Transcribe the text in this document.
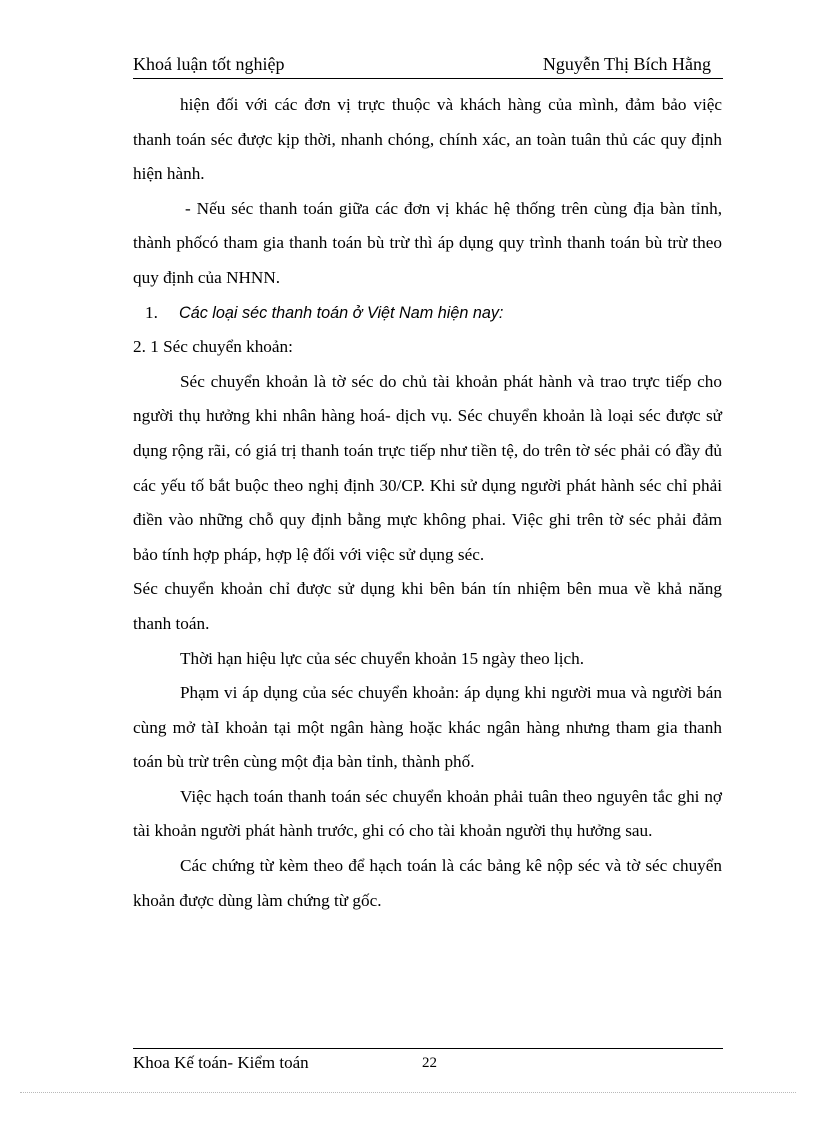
Khoá luận tốt nghiệp	Nguyễn Thị Bích Hằng

hiện đối với các đơn vị trực thuộc và khách hàng của mình, đảm bảo việc thanh toán séc được kịp thời, nhanh chóng, chính xác, an toàn tuân thủ các quy định hiện hành.

- Nếu séc thanh toán giữa các đơn vị khác hệ thống trên cùng địa bàn tỉnh, thành phốcó tham gia thanh toán bù trừ thì áp dụng quy trình thanh toán bù trừ theo quy định của NHNN.

1. Các loại séc thanh toán ở Việt Nam hiện nay:

2. 1 Séc chuyển khoản:

Séc chuyển khoản là tờ séc do chủ tài khoản phát hành và trao trực tiếp cho người thụ hưởng khi nhân hàng hoá- dịch vụ. Séc chuyển khoản là loại séc được sử dụng rộng rãi, có giá trị thanh toán trực tiếp như tiền tệ, do trên tờ séc phải có đầy đủ các yếu tố bắt buộc theo nghị định 30/CP. Khi sử dụng người phát hành séc chỉ phải điền vào những chỗ quy định bằng mực không phai. Việc ghi trên tờ séc phải đảm bảo tính hợp pháp, hợp lệ đối với việc sử dụng séc.

Séc chuyển khoản chỉ được sử dụng khi bên bán tín nhiệm bên mua về khả năng thanh toán.

Thời hạn hiệu lực của séc chuyển khoản 15 ngày theo lịch.

Phạm vi áp dụng của séc chuyển khoản: áp dụng khi người mua và người bán cùng mở tàI khoản tại một ngân hàng hoặc khác ngân hàng nhưng tham gia thanh toán bù trừ trên cùng một địa bàn tỉnh, thành phố.

Việc hạch toán thanh toán séc chuyển khoản phải tuân theo nguyên tắc ghi nợ tài khoản người phát hành trước, ghi có cho tài khoản người thụ hưởng sau.

Các chứng từ kèm theo để hạch toán là các bảng kê nộp séc và tờ séc chuyển khoản được dùng làm chứng từ gốc.

Khoa Kế toán- Kiểm toán	22
